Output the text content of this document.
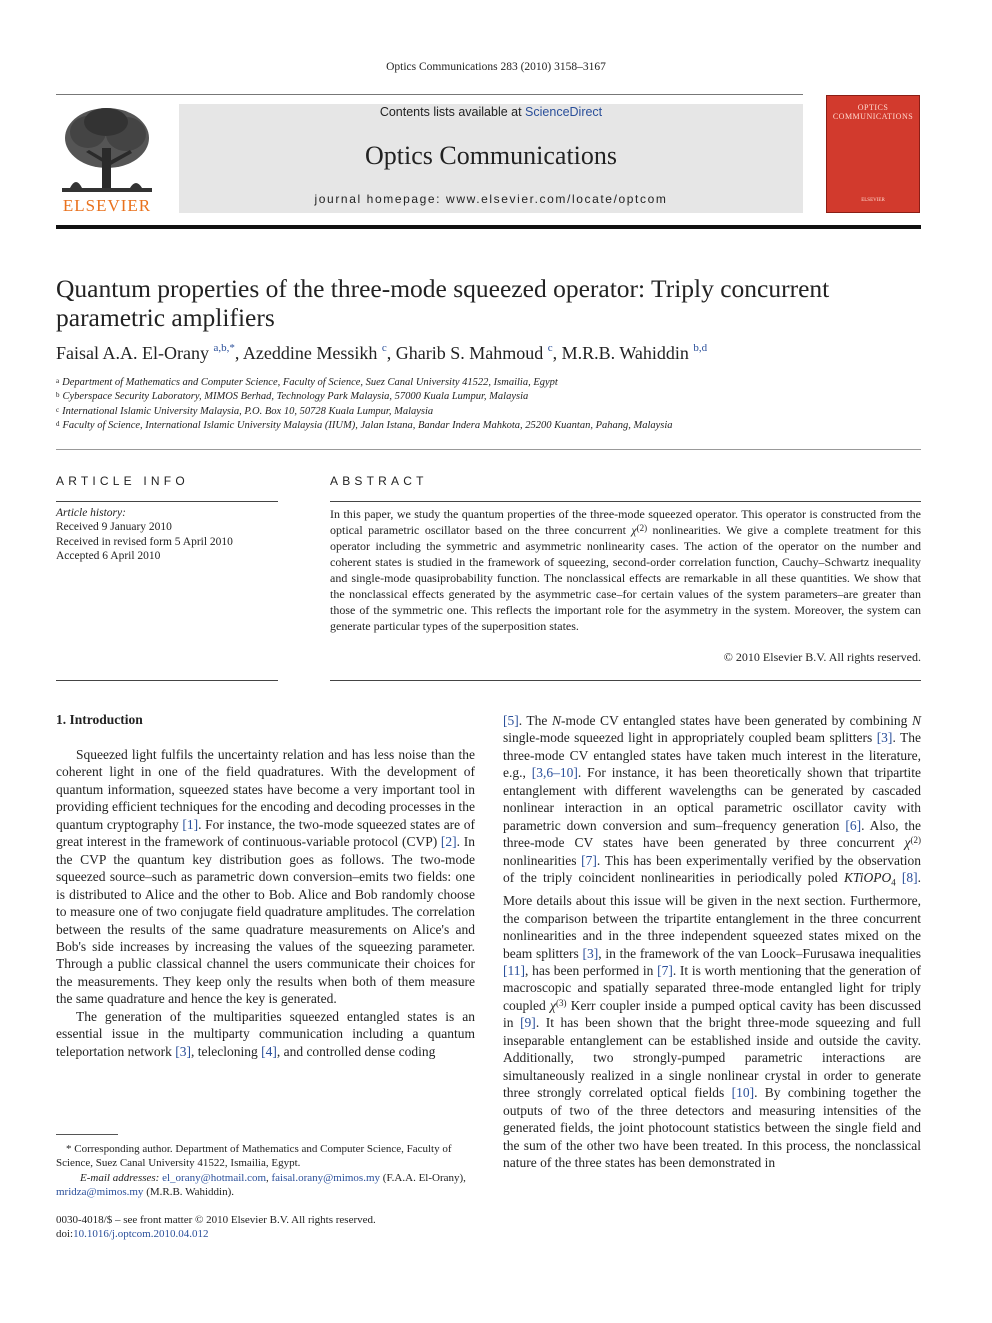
Optics Communications 283 (2010) 3158–3167
ELSEVIER
Contents lists available at ScienceDirect
Optics Communications
journal homepage: www.elsevier.com/locate/optcom
OPTICS COMMUNICATIONS
ELSEVIER
Quantum properties of the three-mode squeezed operator: Triply concurrent parametric amplifiers
Faisal A.A. El-Orany $^{a,b,*}$, Azeddine Messikh $^c$, Gharib S. Mahmoud $^c$, M.R.B. Wahiddin $^{b,d}$
$^a$ Department of Mathematics and Computer Science, Faculty of Science, Suez Canal University 41522, Ismailia, Egypt
$^b$ Cyberspace Security Laboratory, MIMOS Berhad, Technology Park Malaysia, 57000 Kuala Lumpur, Malaysia
$^c$ International Islamic University Malaysia, P.O. Box 10, 50728 Kuala Lumpur, Malaysia
$^d$ Faculty of Science, International Islamic University Malaysia (IIUM), Jalan Istana, Bandar Indera Mahkota, 25200 Kuantan, Pahang, Malaysia
ARTICLE INFO	ABSTRACT
Article history:
Received 9 January 2010
Received in revised form 5 April 2010
Accepted 6 April 2010
In this paper, we study the quantum properties of the three-mode squeezed operator. This operator is constructed from the optical parametric oscillator based on the three concurrent $\chi^{(2)}$ nonlinearities. We give a complete treatment for this operator including the symmetric and asymmetric nonlinearity cases. The action of the operator on the number and coherent states is studied in the framework of squeezing, second-order correlation function, Cauchy–Schwartz inequality and single-mode quasiprobability function. The nonclassical effects are remarkable in all these quantities. We show that the nonclassical effects generated by the asymmetric case–for certain values of the system parameters–are greater than those of the symmetric one. This reflects the important role for the asymmetry in the system. Moreover, the system can generate particular types of the superposition states.
© 2010 Elsevier B.V. All rights reserved.
1. Introduction

Squeezed light fulfils the uncertainty relation and has less noise than the coherent light in one of the field quadratures. With the development of quantum information, squeezed states have become a very important tool in providing efficient techniques for the encoding and decoding processes in the quantum cryptography [1]. For instance, the two-mode squeezed states are of great interest in the framework of continuous-variable protocol (CVP) [2]. In the CVP the quantum key distribution goes as follows. The two-mode squeezed source–such as parametric down conversion–emits two fields: one is distributed to Alice and the other to Bob. Alice and Bob randomly choose to measure one of two conjugate field quadrature amplitudes. The correlation between the results of the same quadrature measurements on Alice's and Bob's side increases by increasing the values of the squeezing parameter. Through a public classical channel the users communicate their choices for the measurements. They keep only the results when both of them measure the same quadrature and hence the key is generated.

The generation of the multiparities squeezed entangled states is an essential issue in the multiparty communication including a quantum teleportation network [3], telecloning [4], and controlled dense coding

[5]. The N-mode CV entangled states have been generated by combining N single-mode squeezed light in appropriately coupled beam splitters [3]. The three-mode CV entangled states have taken much interest in the literature, e.g., [3,6–10]. For instance, it has been theoretically shown that tripartite entanglement with different wavelengths can be generated by cascaded nonlinear interaction in an optical parametric oscillator cavity with parametric down conversion and sum–frequency generation [6]. Also, the three-mode CV states have been generated by three concurrent $\chi^{(2)}$ nonlinearities [7]. This has been experimentally verified by the observation of the triply coincident nonlinearities in periodically poled KTiOPO$_4$ [8]. More details about this issue will be given in the next section. Furthermore, the comparison between the tripartite entanglement in the three concurrent nonlinearities and in the three independent squeezed states mixed on the beam splitters [3], in the framework of the van Loock–Furusawa inequalities [11], has been performed in [7]. It is worth mentioning that the generation of macroscopic and spatially separated three-mode entangled light for triply coupled $\chi^{(3)}$ Kerr coupler inside a pumped optical cavity has been discussed in [9]. It has been shown that the bright three-mode squeezing and full inseparable entanglement can be established inside and outside the cavity. Additionally, two strongly-pumped parametric interactions are simultaneously realized in a single nonlinear crystal in order to generate three strongly correlated optical fields [10]. By combining together the outputs of two of the three detectors and measuring intensities of the generated fields, the joint photocount statistics between the single field and the sum of the other two have been treated. In this process, the nonclassical nature of the three states has been demonstrated in

* Corresponding author. Department of Mathematics and Computer Science, Faculty of Science, Suez Canal University 41522, Ismailia, Egypt.

E-mail addresses: el_orany@hotmail.com, faisal.orany@mimos.my (F.A.A. El-Orany),
mridza@mimos.my (M.R.B. Wahiddin).

0030-4018/$ – see front matter © 2010 Elsevier B.V. All rights reserved.
doi:10.1016/j.optcom.2010.04.012
